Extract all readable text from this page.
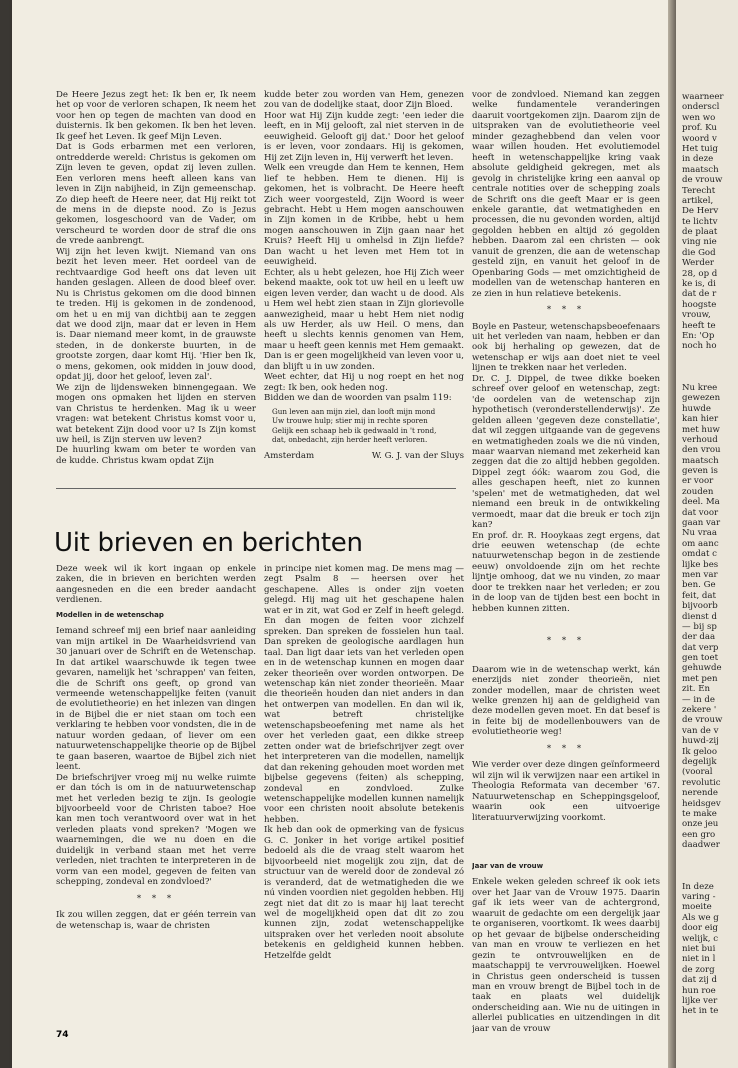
De Heere Jezus zegt het: Ik ben er, Ik neem het op voor de verloren schapen, Ik neem het voor hen op tegen de machten van dood en duisternis. Ik ben gekomen. Ik ben het leven. Ik geef het Leven. Ik geef Mijn Leven.

Dat is Gods erbarmen met een verloren, ontredderde wereld: Christus is gekomen om Zijn leven te geven, opdat zij leven zullen. Een verloren mens heeft alleen kans van leven in Zijn nabijheid, in Zijn gemeenschap. Zo diep heeft de Heere neer, dat Hij reikt tot de mens in de diepste nood. Zo is Jezus gekomen, losgeschoord van de Vader, om verscheurd te worden door de straf die ons de vrede aanbrengt.

Wij zijn het leven kwijt. Niemand van ons bezit het leven meer. Het oordeel van de rechtvaardige God heeft ons dat leven uit handen geslagen. Alleen de dood bleef over. Nu is Christus gekomen om die dood binnen te treden. Hij is gekomen in de zondenood, om het u en mij van dichtbij aan te zeggen dat we dood zijn, maar dat er leven in Hem is. Daar niemand meer komt, in de grauwste steden, in de donkerste buurten, in de grootste zorgen, daar komt Hij. 'Hier ben Ik, o mens, gekomen, ook midden in jouw dood, opdat jij, door het geloof, leven zal'.

We zijn de lijdensweken binnengegaan. We mogen ons opmaken het lijden en sterven van Christus te herdenken. Mag ik u weer vragen: wat betekent Christus komst voor u, wat betekent Zijn dood voor u? Is Zijn komst uw heil, is Zijn sterven uw leven?

De huurling kwam om beter te worden van de kudde. Christus kwam opdat Zijn

kudde beter zou worden van Hem, genezen zou van de dodelijke staat, door Zijn Bloed.

Hoor wat Hij Zijn kudde zegt: 'een ieder die leeft, en in Mij gelooft, zal niet sterven in de eeuwigheid. Gelooft gij dat.' Door het geloof is er leven, voor zondaars. Hij is gekomen, Hij zet Zijn leven in, Hij verwerft het leven.

Welk een vreugde dan Hem te kennen, Hem lief te hebben. Hem te dienen. Hij is gekomen, het is volbracht. De Heere heeft Zich weer voorgesteld, Zijn Woord is weer gebracht. Hebt u Hem mogen aanschouwen in Zijn komen in de Kribbe, hebt u hem mogen aanschouwen in Zijn gaan naar het Kruis? Heeft Hij u omhelsd in Zijn liefde? Dan wacht u het leven met Hem tot in eeuwigheid.

Echter, als u hebt gelezen, hoe Hij Zich weer bekend maakte, ook tot uw heil en u leeft uw eigen leven verder, dan wacht u de dood. Als u Hem wel hebt zien staan in Zijn glorievolle aanwezigheid, maar u hebt Hem niet nodig als uw Herder, als uw Heil. O mens, dan heeft u slechts kennis genomen van Hem, maar u heeft geen kennis met Hem gemaakt. Dan is er geen mogelijkheid van leven voor u, dan blijft u in uw zonden.

Weet echter, dat Hij u nog roept en het nog zegt: Ik ben, ook heden nog.

Bidden we dan de woorden van psalm 119:

Gun leven aan mijn ziel, dan looft mijn mond
Uw trouwe hulp; stier mij in rechte sporen
Gelijk een schaap heb ik gedwaald in 't rond,
dat, onbedacht, zijn herder heeft verloren.
Amsterdam	W. G. J. van der Sluys
Uit brieven en berichten

Deze week wil ik kort ingaan op enkele zaken, die in brieven en berichten werden aangesneden en die een breder aandacht verdienen.

Modellen in de wetenschap

Iemand schreef mij een brief naar aanleiding van mijn artikel in De Waarheidsvriend van 30 januari over de Schrift en de Wetenschap. In dat artikel waarschuwde ik tegen twee gevaren, namelijk het 'schrappen' van feiten, die de Schrift ons geeft, op grond van vermeende wetenschappelijke feiten (vanuit de evolutietheorie) en het inlezen van dingen in de Bijbel die er niet staan om toch een verklaring te hebben voor vondsten, die in de natuur worden gedaan, of liever om een natuurwetenschappelijke theorie op de Bijbel te gaan baseren, waartoe de Bijbel zich niet leent.

De briefschrijver vroeg mij nu welke ruimte er dan tóch is om in de natuurwetenschap met het verleden bezig te zijn. Is geologie bijvoorbeeld voor de Christen taboe? Hoe kan men toch verantwoord over wat in het verleden plaats vond spreken? 'Mogen we waarnemingen, die we nu doen en die duidelijk in verband staan met het verre verleden, niet trachten te interpreteren in de vorm van een model, gegeven de feiten van schepping, zondeval en zondvloed?'

* * *

Ik zou willen zeggen, dat er géén terrein van de wetenschap is, waar de christen

in principe niet komen mag. De mens mag — zegt Psalm 8 — heersen over het geschapene. Alles is onder zijn voeten gelegd. Hij mag uit het geschapene halen wat er in zit, wat God er Zelf in heeft gelegd. En dan mogen de feiten voor zichzelf spreken. Dan spreken de fossielen hun taal. Dan spreken de geologische aardlagen hun taal. Dan ligt daar iets van het verleden open en in de wetenschap kunnen en mogen daar zeker theorieën over worden ontworpen. De wetenschap kán niet zonder theorieën. Maar die theorieën houden dan niet anders in dan het ontwerpen van modellen. En dan wil ik, wat betreft christelijke wetenschapsbeoefening met name als het over het verleden gaat, een dikke streep zetten onder wat de briefschrijver zegt over het interpreteren van die modellen, namelijk dat dan rekening gehouden moet worden met bijbelse gegevens (feiten) als schepping, zondeval en zondvloed. Zulke wetenschappelijke modellen kunnen namelijk voor een christen nooit absolute betekenis hebben.

Ik heb dan ook de opmerking van de fysicus G. C. Jonker in het vorige artikel positief bedoeld als die de vraag stelt waarom het bijvoorbeeld niet mogelijk zou zijn, dat de structuur van de wereld door de zondeval zó is veranderd, dat de wetmatigheden die we nú vinden voordien niet gegolden hebben. Hij zegt niet dat dit zo is maar hij laat terecht wel de mogelijkheid open dat dit zo zou kunnen zijn, zodat wetenschappelijke uitspraken over het verleden nooit absolute betekenis en geldigheid kunnen hebben. Hetzelfde geldt

voor de zondvloed. Niemand kan zeggen welke fundamentele veranderingen daaruit voortgekomen zijn. Daarom zijn de uitspraken van de evolutietheorie veel minder gezaghebbend dan velen voor waar willen houden. Het evolutiemodel heeft in wetenschappelijke kring vaak absolute geldigheid gekregen, met als gevolg in christelijke kring een aanval op centrale notities over de schepping zoals de Schrift ons die geeft Maar er is geen enkele garantie, dat wetmatigheden en processen, die nu gevonden worden, altijd gegolden hebben en altijd zó gegolden hebben. Daarom zal een christen — ook vanuit de grenzen, die aan de wetenschap gesteld zijn, en vanuit het geloof in de Openbaring Gods — met omzichtigheid de modellen van de wetenschap hanteren en ze zien in hun relatieve betekenis.

* * *

Boyle en Pasteur, wetenschapsbeoefenaars uit het verleden van naam, hebben er dan ook bij herhaling op gewezen, dat de wetenschap er wijs aan doet niet te veel lijnen te trekken naar het verleden.

Dr. C. J. Dippel, de twee dikke boeken schreef over geloof en wetenschap, zegt: 'de oordelen van de wetenschap zijn hypothetisch (veronderstellenderwijs)'. Ze gelden alleen 'gegeven deze constellatie', dat wil zeggen uitgaande van de gegevens en wetmatigheden zoals we die nú vinden, maar waarvan niemand met zekerheid kan zeggen dat die zo altijd hebben gegolden. Dippel zegt óók: waarom zou God, die alles geschapen heeft, niet zo kunnen 'spelen' met de wetmatigheden, dat wel niemand een breuk in de ontwikkeling vermoedt, maar dat die breuk er toch zijn kan?

En prof. dr. R. Hooykaas zegt ergens, dat drie eeuwen wetenschap (de echte natuurwetenschap begon in de zestiende eeuw) onvoldoende zijn om het rechte lijntje omhoog, dat we nu vinden, zo maar door te trekken naar het verleden; er zou in de loop van de tijden best een bocht in hebben kunnen zitten.

* * *

Daarom wie in de wetenschap werkt, kán enerzijds niet zonder theorieën, niet zonder modellen, maar de christen weet welke grenzen hij aan de geldigheid van deze modellen geven moet. En dat besef is in feite bij de modellenbouwers van de evolutietheorie weg!

* * *

Wie verder over deze dingen geïnformeerd wil zijn wil ik verwijzen naar een artikel in Theologia Reformata van december '67. Natuurwetenschap en Scheppingsgeloof, waarin ook een uitvoerige literatuurverwijzing voorkomt.

Jaar van de vrouw

Enkele weken geleden schreef ik ook iets over het Jaar van de Vrouw 1975. Daarin gaf ik iets weer van de achtergrond, waaruit de gedachte om een dergelijk jaar te organiseren, voortkomt. Ik wees daarbij op het gevaar de bijbelse onderscheiding van man en vrouw te verliezen en het gezin te ontvrouwelijken en de maatschappij te vervrouwelijken. Hoewel in Christus geen onderscheid is tussen man en vrouw brengt de Bijbel toch in de taak en plaats wel duidelijk onderscheiding aan. Wie nu de uitingen in allerlei publicaties en uitzendingen in dit jaar van de vrouw

74
waarneer
onderscl
wen wo
prof. Ku
woord v
Het tuig
in deze
maatsch
de vrouw
Terecht
artikel,
De Herv
te lichtv
de plaat
ving nie
die God
Werder
28, op d
ke is, di
dat de r
hoogste
vrouw,
heeft te
En: 'Op
noch ho
Nu kree
gewezen
huwde
kan hier
met huw
verhoud
den vrou
maatsch
geven is
er voor
zouden
deel. Ma
dat voor
gaan var
Nu vraa
om aanc
omdat c
lijke bes
men var
ben. Ge
feit, dat
bijvoorb
dienst d
— bij sp
der daa
dat verp
gen toet
gehuwde
met pen
zit. En
— in de
zekere '
de vrouw
van de v
huwd-zij
Ik geloo
degelijk
(vooral
revolutic
nerende
heidsgev
te make
onze jeu
een gro
daadwer
In deze
varing -
moeite
Als we g
door eig
welijk, c
niet bui
niet in l
de zorg
dat zij d
hun roe
lijke ver
het in te
